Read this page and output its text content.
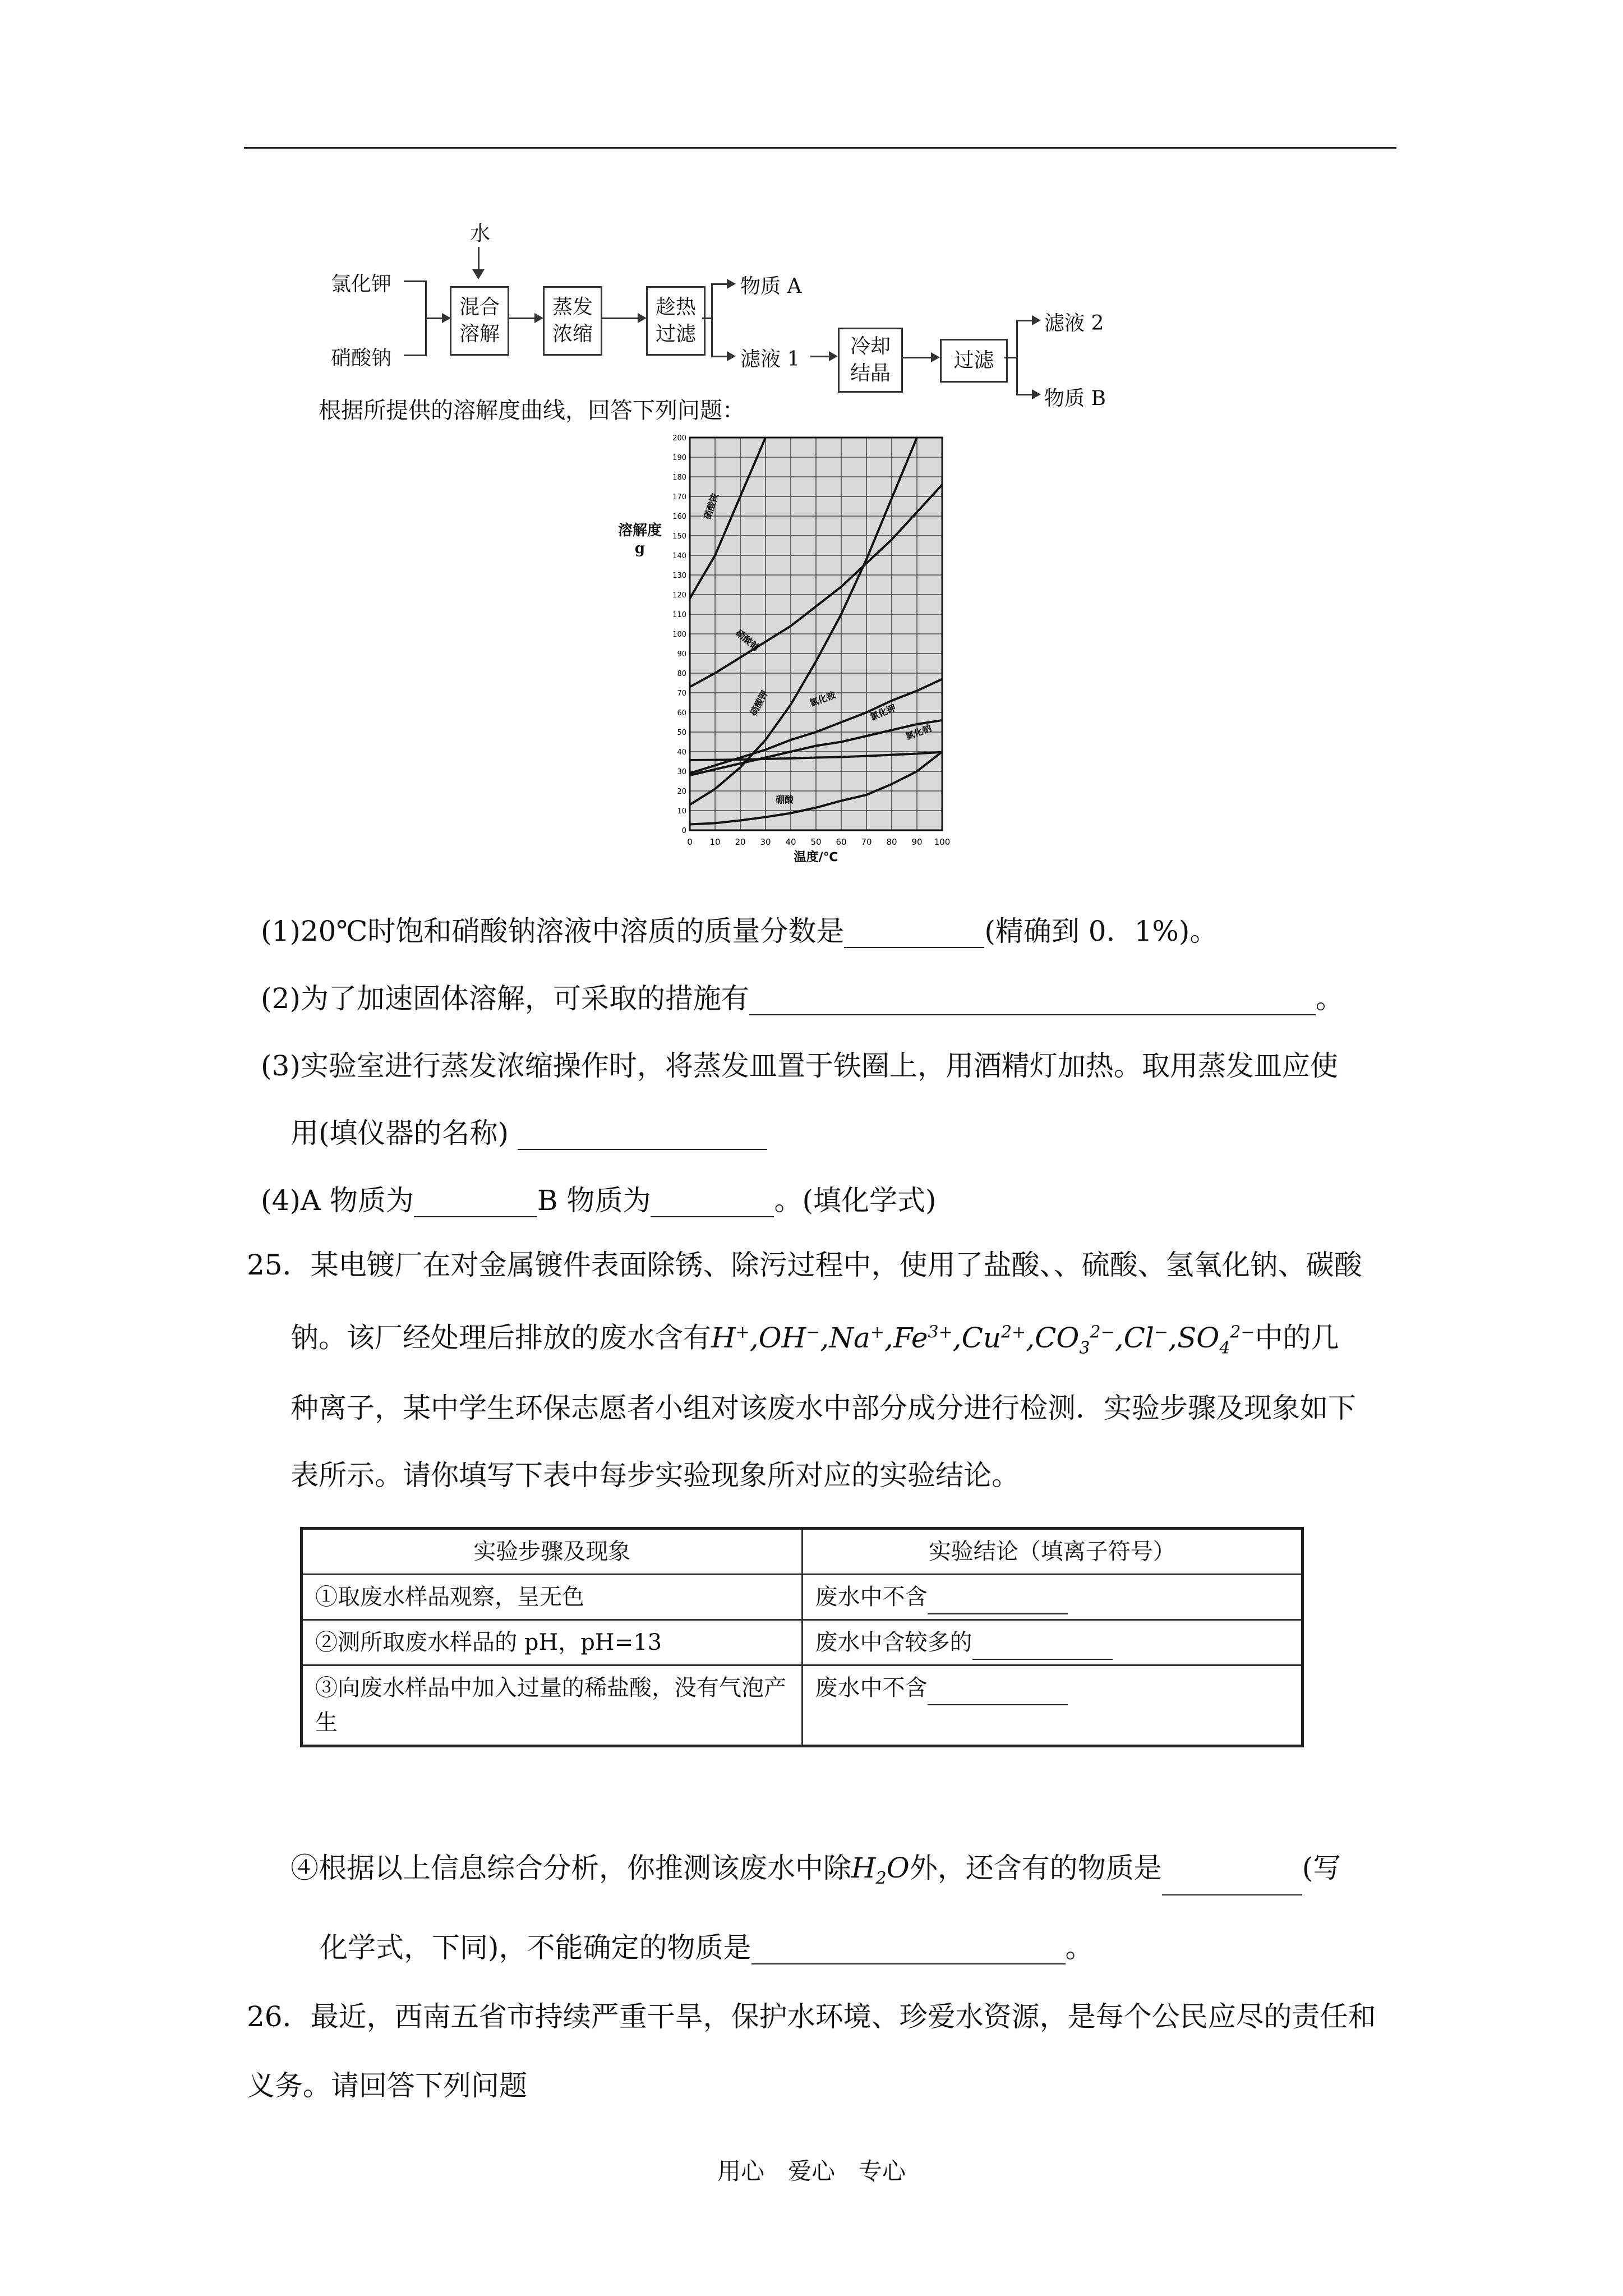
水
氯化钾
硝酸钠
混合
溶解
蒸发
浓缩
趁热
过滤
物质 A
滤液 1
冷却
结晶
过滤
滤液 2
物质 B
根据所提供的溶解度曲线，回答下列问题：
溶解度
g
0 10 20 30 40 50 60 70 80 90 100
0
10
20
30
40
50
60
70
80
90
100
110
120
130
140
150
160
170
180
190
200
硝酸铵
硝酸钠
硝酸钾	氯化铵
氯化钾
氯化钠
硼酸
温度/℃
(1)20℃时饱和硝酸钠溶液中溶质的质量分数是	(精确到 0．1%)。
(2)为了加速固体溶解，可采取的措施有	。
(3)实验室进行蒸发浓缩操作时，将蒸发皿置于铁圈上，用酒精灯加热。取用蒸发皿应使
用(填仪器的名称)
(4)A 物质为	B 物质为	。(填化学式)
25．某电镀厂在对金属镀件表面除锈、除污过程中，使用了盐酸、、硫酸、氢氧化钠、碳酸
钠。该厂经处理后排放的废水含有$H^+,OH^-,Na^+,Fe^{3+},Cu^{2+},CO_3^{2-},Cl^-,SO_4^{2-}$中的几
种离子，某中学生环保志愿者小组对该废水中部分成分进行检测．实验步骤及现象如下
表所示。请你填写下表中每步实验现象所对应的实验结论。
实验步骤及现象	实验结论（填离子符号）
①取废水样品观察，呈无色	废水中不含
②测所取废水样品的 pH，pH=13	废水中含较多的
③向废水样品中加入过量的稀盐酸，没有气泡产生	废水中不含
④根据以上信息综合分析，你推测该废水中除$H_2O$外，还含有的物质是	(写
化学式，下同)，不能确定的物质是	。
26．最近，西南五省市持续严重干旱，保护水环境、珍爱水资源，是每个公民应尽的责任和
义务。请回答下列问题
用心　爱心　专心
